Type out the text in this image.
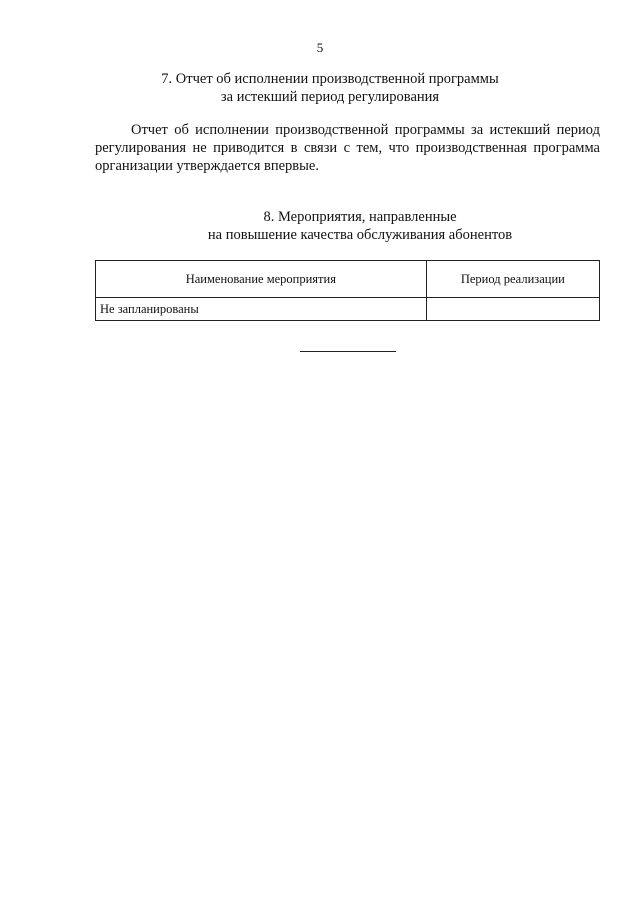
5
7. Отчет об исполнении производственной программы
за истекший период регулирования
Отчет об исполнении производственной программы за истекший период регулирования не приводится в связи с тем, что производственная программа организации утверждается впервые.
8. Мероприятия, направленные
на повышение качества обслуживания абонентов
Наименование мероприятия	Период реализации
Не запланированы	
